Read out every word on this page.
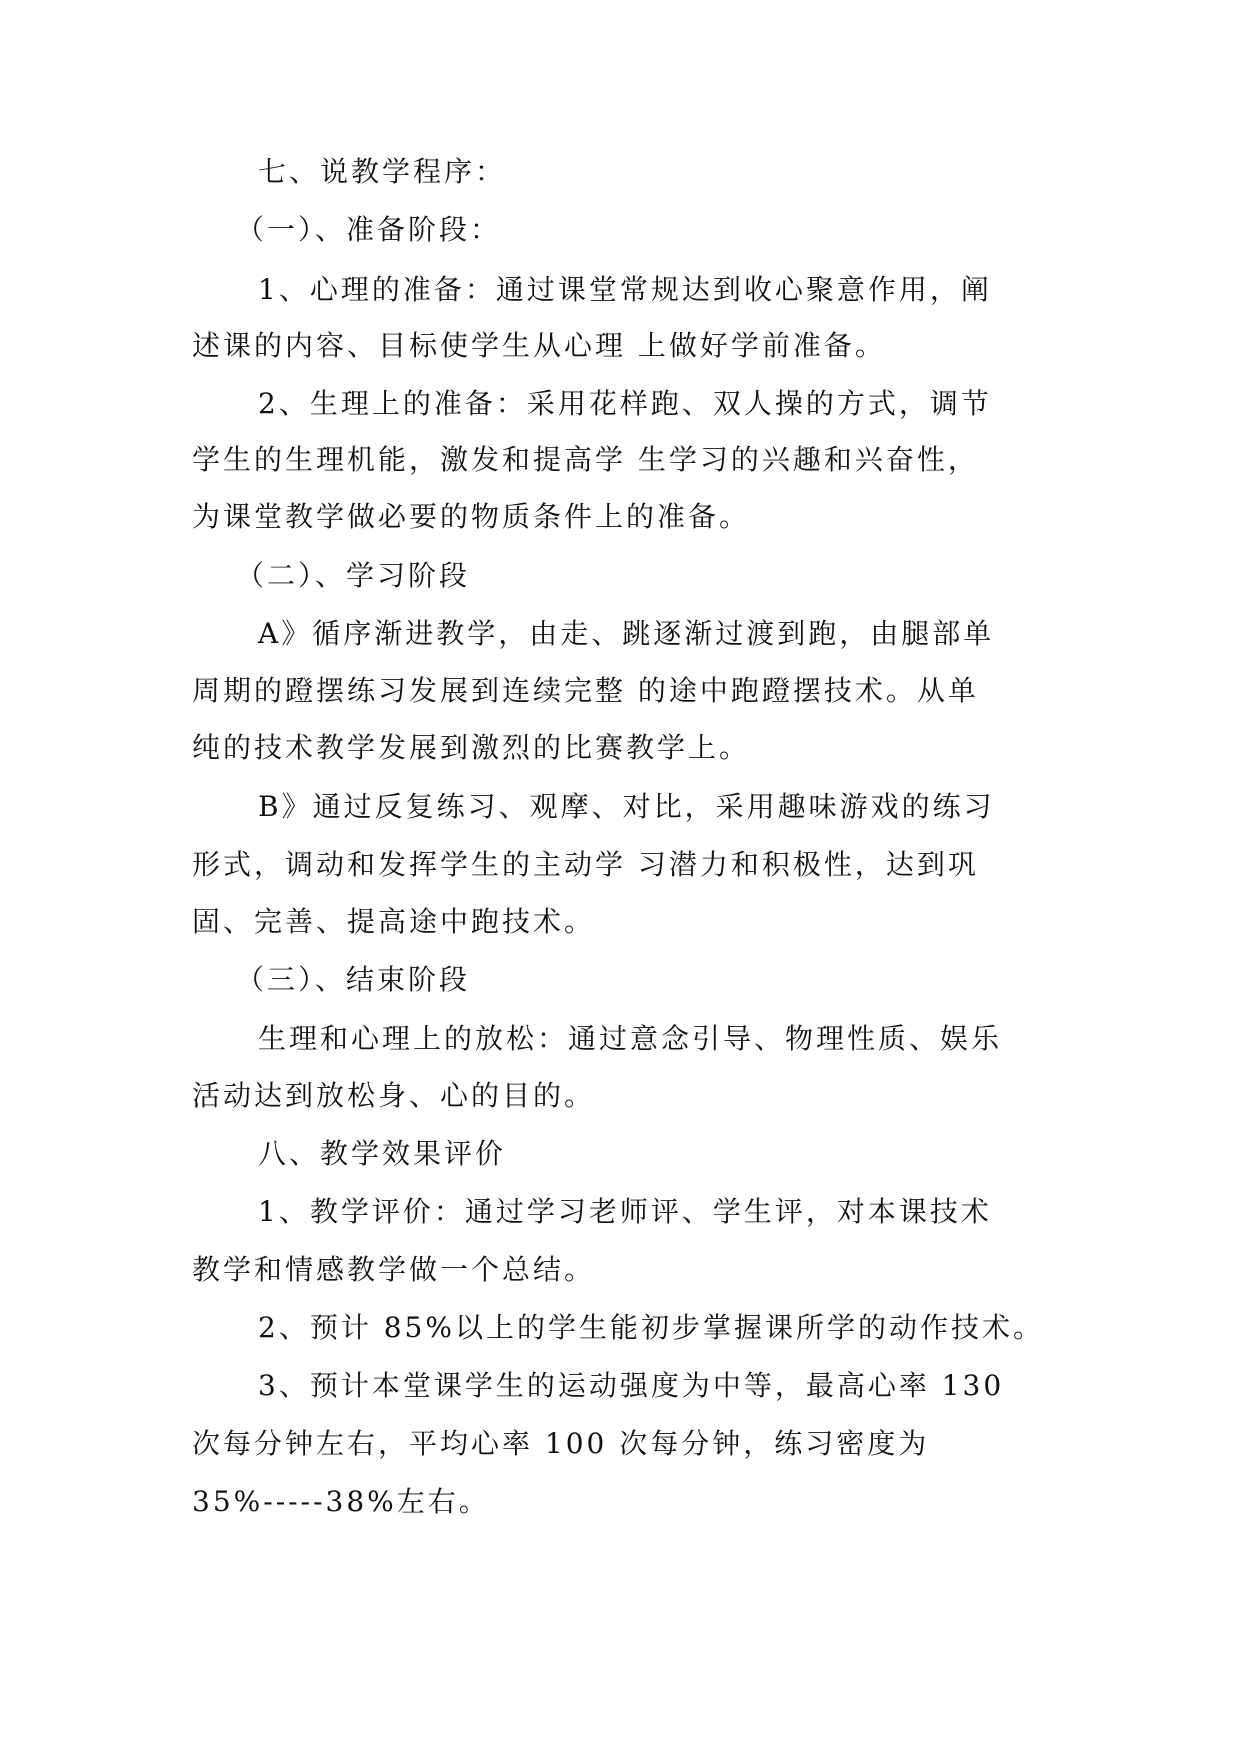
七、说教学程序：
（一）、准备阶段：
1、心理的准备：通过课堂常规达到收心聚意作用，阐
述课的内容、目标使学生从心理 上做好学前准备。
2、生理上的准备：采用花样跑、双人操的方式，调节
学生的生理机能，激发和提高学 生学习的兴趣和兴奋性，
为课堂教学做必要的物质条件上的准备。
（二）、学习阶段
A》循序渐进教学，由走、跳逐渐过渡到跑，由腿部单
周期的蹬摆练习发展到连续完整 的途中跑蹬摆技术。从单
纯的技术教学发展到激烈的比赛教学上。
B》通过反复练习、观摩、对比，采用趣味游戏的练习
形式，调动和发挥学生的主动学 习潜力和积极性，达到巩
固、完善、提高途中跑技术。
（三）、结束阶段
生理和心理上的放松：通过意念引导、物理性质、娱乐
活动达到放松身、心的目的。
八、教学效果评价
1、教学评价：通过学习老师评、学生评，对本课技术
教学和情感教学做一个总结。
2、预计 85%以上的学生能初步掌握课所学的动作技术。
3、预计本堂课学生的运动强度为中等，最高心率 130
次每分钟左右，平均心率 100 次每分钟，练习密度为
35%-----38%左右。
